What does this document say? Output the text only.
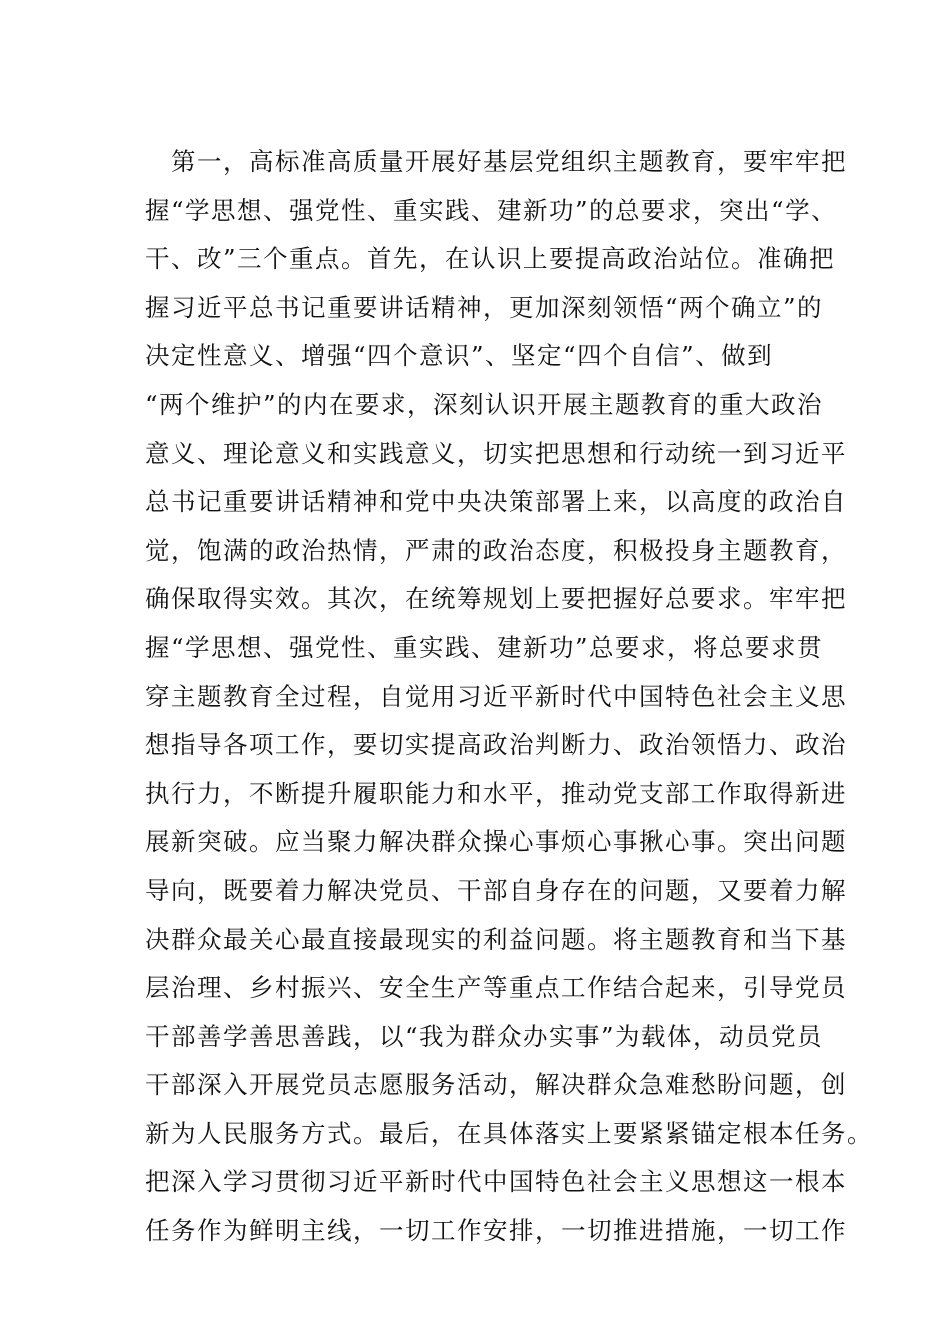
　第一，高标准高质量开展好基层党组织主题教育，要牢牢把
握“学思想、强党性、重实践、建新功”的总要求，突出“学、
干、改”三个重点。首先，在认识上要提高政治站位。准确把
握习近平总书记重要讲话精神，更加深刻领悟“两个确立”的
决定性意义、增强“四个意识”、坚定“四个自信”、做到
“两个维护”的内在要求，深刻认识开展主题教育的重大政治
意义、理论意义和实践意义，切实把思想和行动统一到习近平
总书记重要讲话精神和党中央决策部署上来，以高度的政治自
觉，饱满的政治热情，严肃的政治态度，积极投身主题教育，
确保取得实效。其次，在统筹规划上要把握好总要求。牢牢把
握“学思想、强党性、重实践、建新功”总要求，将总要求贯
穿主题教育全过程，自觉用习近平新时代中国特色社会主义思
想指导各项工作，要切实提高政治判断力、政治领悟力、政治
执行力，不断提升履职能力和水平，推动党支部工作取得新进
展新突破。应当聚力解决群众操心事烦心事揪心事。突出问题
导向，既要着力解决党员、干部自身存在的问题，又要着力解
决群众最关心最直接最现实的利益问题。将主题教育和当下基
层治理、乡村振兴、安全生产等重点工作结合起来，引导党员
干部善学善思善践，以“我为群众办实事”为载体，动员党员
干部深入开展党员志愿服务活动，解决群众急难愁盼问题，创
新为人民服务方式。最后，在具体落实上要紧紧锚定根本任务。
把深入学习贯彻习近平新时代中国特色社会主义思想这一根本
任务作为鲜明主线，一切工作安排，一切推进措施，一切工作
